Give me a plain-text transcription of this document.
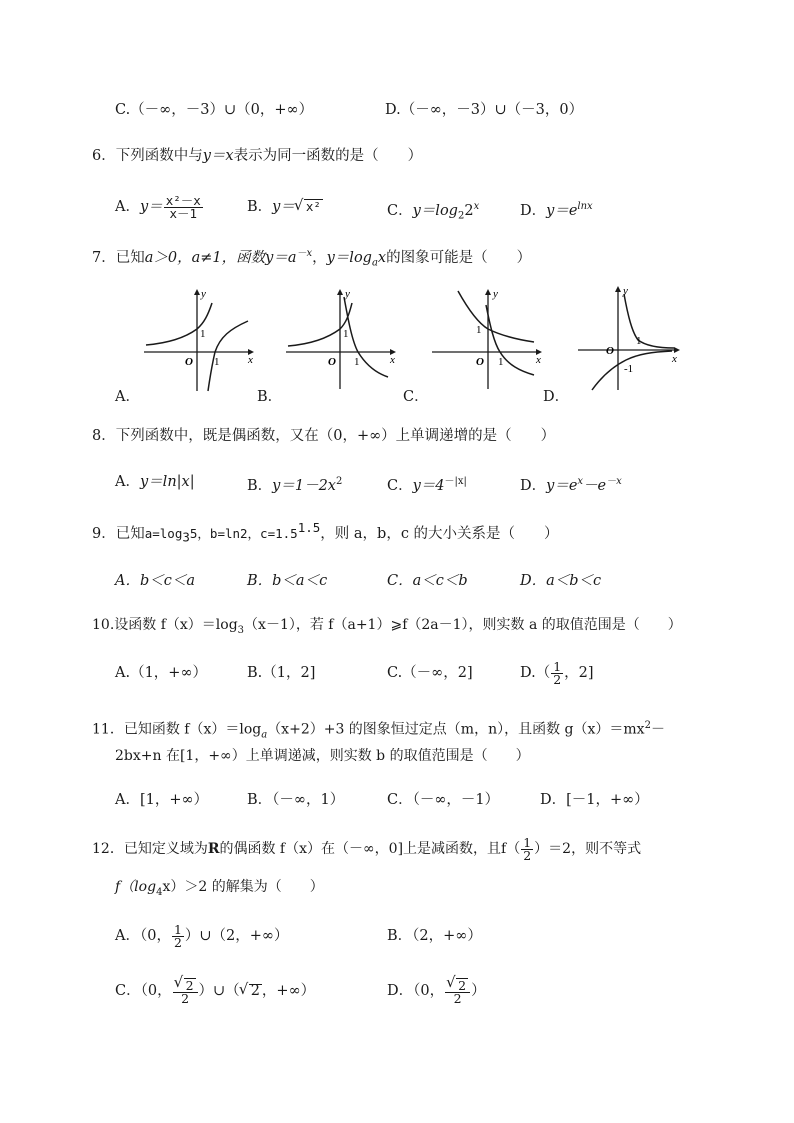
C.（－∞，－3）∪（0，+∞）	D.（－∞，－3）∪（－3，0）
6．下列函数中与y＝x表示为同一函数的是（　　）
A．$y= \frac{\text{x²－x}}{x-1}$	B．y＝ √ x²	C．$y=\log_22^x$	D．$y=e^{lnx}$
7．已知a＞0，a≠1，函数$y=a^{-x}$，$y=\log_ax$的图象可能是（　　）
y
x
O
1
1
y
x
O
1
1
y
x
O
1
1
y
x
O
1
-1
A．	B．	C．	D．
8．下列函数中，既是偶函数，又在（0，+∞）上单调递增的是（　　）
A．y＝ln|x|	B．$y=1-2x^2$	C．$y=4^{-|x|}$	D．$y=e^x-e^{-x}$
9．已知$a=\log_35$，b=ln2，$c=1.5^{1.5}$，则 a，b，c 的大小关系是（　　）
A．b＜c＜a	B．b＜a＜c	C．a＜c＜b	D．a＜b＜c
10.设函数 $f(x)=\log_3(x-1)$，若 f（a+1）⩾f（2a－1），则实数 a 的取值范围是（　　）
A.（1，+∞）	B.（1，2]	C.（－∞，2]	$D.( \frac{1}{2}$ ，2]
11．已知函数 $f(x)=\log_a(x+2)+3$ 的图象恒过定点（m，n），且函数 $g(x)=mx^2-$
2bx+n 在[1，+∞）上单调递减，则实数 b 的取值范围是（　　）
A．[1，+∞）	B．（－∞，1）	C．（－∞，－1）	D．[－1，+∞）
12．已知定义域为R的偶函数 f（x）在（－∞，0]上是减函数，且$f( \frac{1}{2} )=2$，则不等式
$f(\log_4x)>2$ 的解集为（　　）
A．（0， $\frac{1}{2}$ ）∪（2，+∞）	B．（2，+∞）
C．（0， √ $\frac{2}{2}$ ）∪（ √ 2 ，+∞）	D．（0， √ $\frac{2}{2}$ ）
